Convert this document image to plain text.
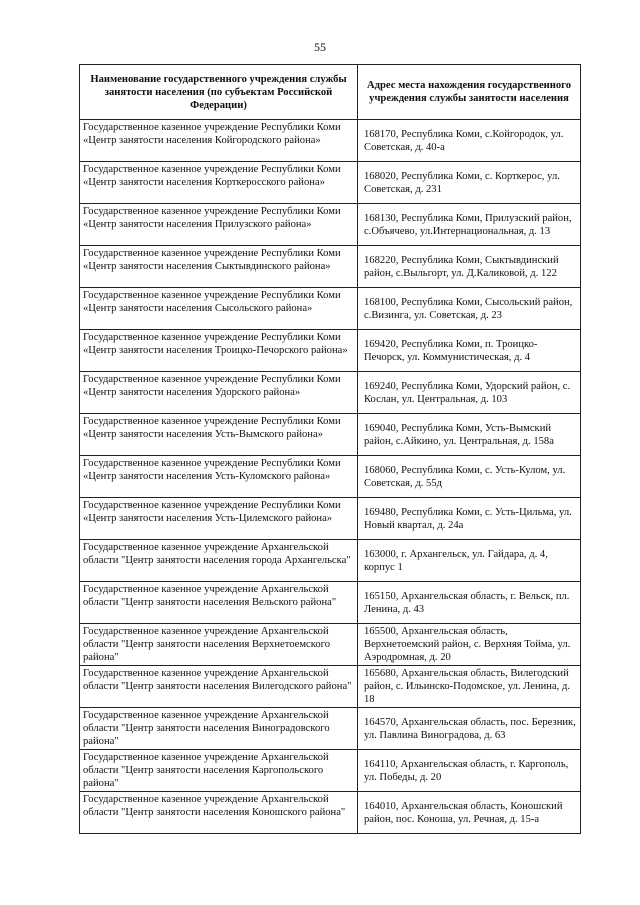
55
Наименование государственного учреждения службы занятости населения (по субъектам Российской Федерации)	Адрес места нахождения государственного учреждения службы занятости населения
Государственное казенное учреждение Республики Коми «Центр занятости населения Койгородского района»	168170, Республика Коми, с.Койгородок, ул. Советская, д. 40-а
Государственное казенное учреждение Республики Коми «Центр занятости населения Корткеросского района»	168020, Республика Коми, с. Корткерос, ул. Советская, д. 231
Государственное казенное учреждение Республики Коми «Центр занятости населения Прилузского района»	168130, Республика Коми, Прилузский район, с.Объячево, ул.Интернациональная, д. 13
Государственное казенное учреждение Республики Коми «Центр занятости населения Сыктывдинского района»	168220, Республика Коми, Сыктывдинский район, с.Выльгорт, ул. Д.Каликовой, д. 122
Государственное казенное учреждение Республики Коми «Центр занятости населения Сысольского района»	168100, Республика Коми, Сысольский район, с.Визинга, ул. Советская, д. 23
Государственное казенное учреждение Республики Коми «Центр занятости населения Троицко-Печорского района»	169420, Республика Коми, п. Троицко-Печорск, ул. Коммунистическая, д. 4
Государственное казенное учреждение Республики Коми «Центр занятости населения Удорского района»	169240, Республика Коми, Удорский район, с. Кослан, ул. Центральная, д. 103
Государственное казенное учреждение Республики Коми «Центр занятости населения Усть-Вымского района»	169040, Республика Коми, Усть-Вымский район, с.Айкино, ул. Центральная, д. 158а
Государственное казенное учреждение Республики Коми «Центр занятости населения Усть-Куломского района»	168060, Республика Коми, с. Усть-Кулом, ул. Советская, д. 55д
Государственное казенное учреждение Республики Коми «Центр занятости населения Усть-Цилемского района»	169480, Республика Коми, с. Усть-Цильма, ул. Новый квартал, д. 24а
Государственное казенное учреждение Архангельской области "Центр занятости населения города Архангельска"	163000, г. Архангельск, ул. Гайдара, д. 4, корпус 1
Государственное казенное учреждение Архангельской области "Центр занятости населения Вельского района"	165150, Архангельская область, г. Вельск, пл. Ленина, д. 43
Государственное казенное учреждение Архангельской области "Центр занятости населения Верхнетоемского района"	165500, Архангельская область, Верхнетоемский район, с. Верхняя Тойма, ул. Аэродромная, д. 20
Государственное казенное учреждение Архангельской области "Центр занятости населения Вилегодского района"	165680, Архангельская область, Вилегодский район, с. Ильинско-Подомское, ул. Ленина, д. 18
Государственное казенное учреждение Архангельской области "Центр занятости населения Виноградовского района"	164570, Архангельская область, пос. Березник, ул. Павлина Виноградова, д. 63
Государственное казенное учреждение Архангельской области "Центр занятости населения Каргопольского района"	164110, Архангельская область, г. Каргополь, ул. Победы, д. 20
Государственное казенное учреждение Архангельской области "Центр занятости населения Коношского района"	164010, Архангельская область, Коношский район, пос. Коноша, ул. Речная, д. 15-а
